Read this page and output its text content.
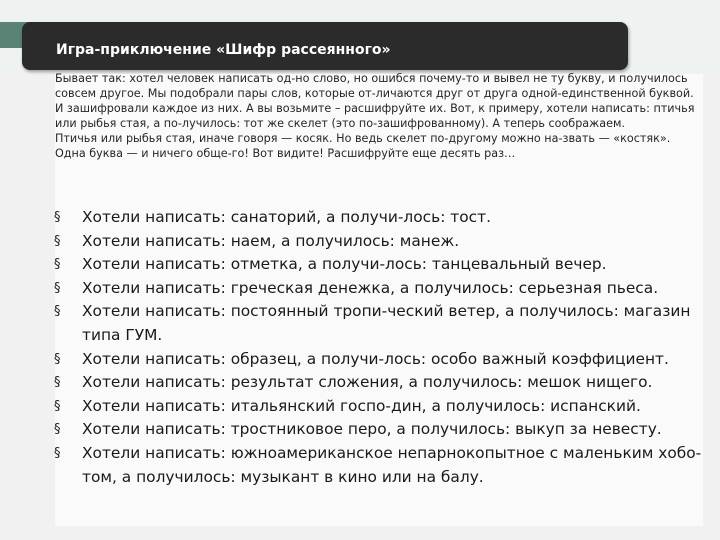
Игра-приключение «Шифр рассеянного»

Бывает так: хотел человек написать од-но слово, но ошибся почему-то и вывел не ту букву, и получилось совсем другое. Мы подобрали пары слов, которые от-личаются друг от друга одной-единственной буквой. И зашифровали каждое из них. А вы возьмите – расшифруйте их. Вот, к примеру, хотели написать: птичья или рыбья стая, а по-лучилось: тот же скелет (это по-зашифрованному). А теперь соображаем.

Птичья или рыбья стая, иначе говоря — косяк. Но ведь скелет по-другому можно на-звать — «костяк». Одна буква — и ничего обще-го! Вот видите! Расшифруйте еще десять раз…

§ Хотели написать: санаторий, а получи-лось: тост.
§ Хотели написать: наем, а получилось: манеж.
§ Хотели написать: отметка, а получи-лось: танцевальный вечер.
§ Хотели написать: греческая денежка, а получилось: серьезная пьеса.
§ Хотели написать: постоянный тропи-ческий ветер, а получилось: магазин типа ГУМ.
§ Хотели написать: образец, а получи-лось: особо важный коэффициент.
§ Хотели написать: результат сложения, а получилось: мешок нищего.
§ Хотели написать: итальянский госпо-дин, а получилось: испанский.
§ Хотели написать: тростниковое перо, а получилось: выкуп за невесту.
§ Хотели написать: южноамериканское непарнокопытное с маленьким хобо-том, а получилось: музыкант в кино или на балу.
